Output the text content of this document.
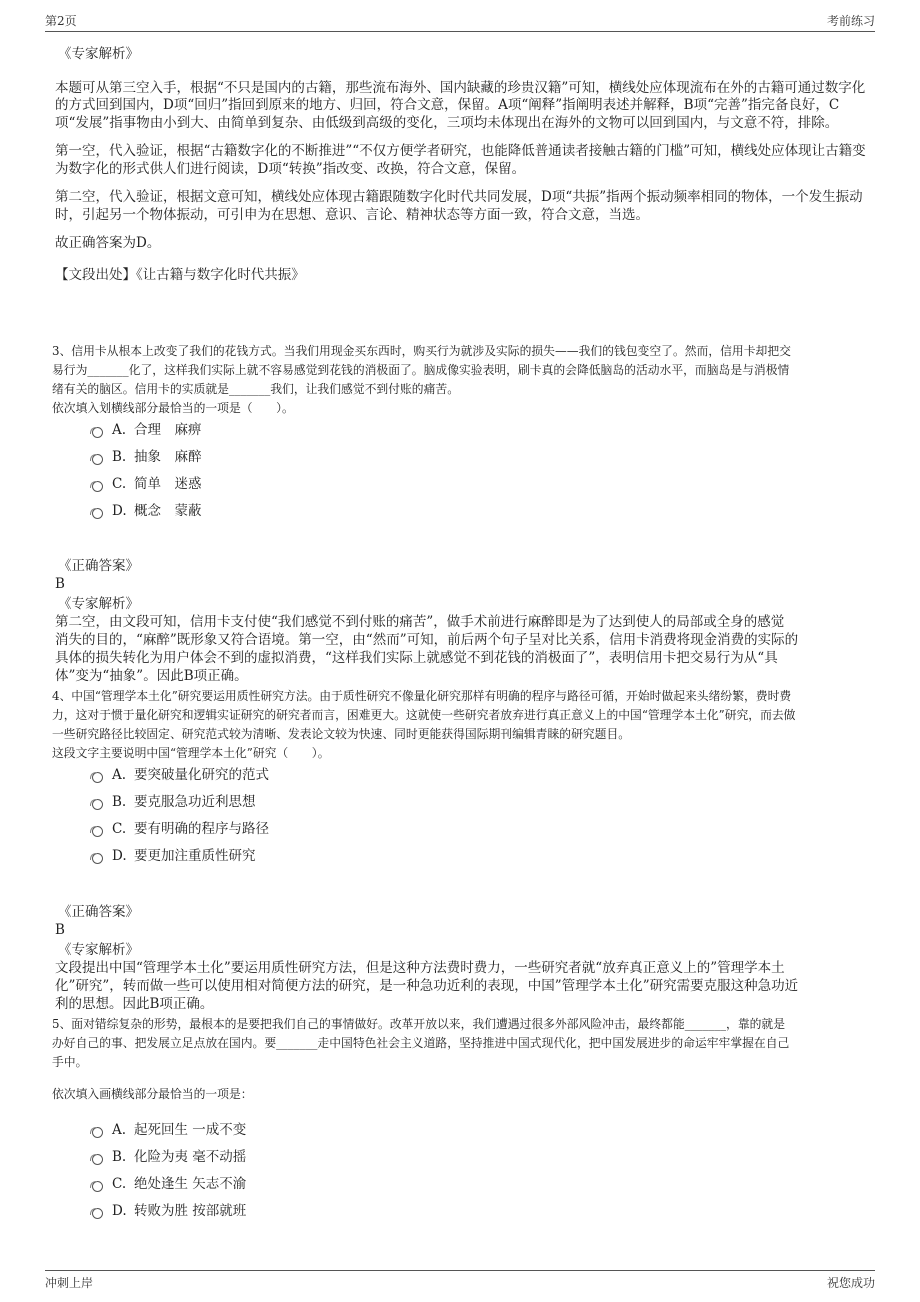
第2页	考前练习

《专家解析》

本题可从第三空入手，根据“不只是国内的古籍，那些流布海外、国内缺藏的珍贵汉籍”可知，横线处应体现流布在外的古籍可通过数字化的方式回到国内，D项“回归”指回到原来的地方、归回，符合文意，保留。A项“阐释”指阐明表述并解释，B项“完善”指完备良好，C项“发展”指事物由小到大、由简单到复杂、由低级到高级的变化，三项均未体现出在海外的文物可以回到国内，与文意不符，排除。

第一空，代入验证，根据“古籍数字化的不断推进”“不仅方便学者研究，也能降低普通读者接触古籍的门槛”可知，横线处应体现让古籍变为数字化的形式供人们进行阅读，D项“转换”指改变、改换，符合文意，保留。

第二空，代入验证，根据文意可知，横线处应体现古籍跟随数字化时代共同发展，D项“共振”指两个振动频率相同的物体，一个发生振动时，引起另一个物体振动，可引申为在思想、意识、言论、精神状态等方面一致，符合文意，当选。

故正确答案为D。

【文段出处】《让古籍与数字化时代共振》

3、信用卡从根本上改变了我们的花钱方式。当我们用现金买东西时，购买行为就涉及实际的损失——我们的钱包变空了。然而，信用卡却把交

易行为_______化了，这样我们实际上就不容易感觉到花钱的消极面了。脑成像实验表明，刷卡真的会降低脑岛的活动水平，而脑岛是与消极情

绪有关的脑区。信用卡的实质就是_______我们，让我们感觉不到付账的痛苦。

依次填入划横线部分最恰当的一项是（　　）。

A. 合理　麻痹
B. 抽象　麻醉
C. 简单　迷惑
D. 概念　蒙蔽

《正确答案》

B

《专家解析》

第二空，由文段可知，信用卡支付使“我们感觉不到付账的痛苦”，做手术前进行麻醉即是为了达到使人的局部或全身的感觉

消失的目的，“麻醉”既形象又符合语境。第一空，由“然而”可知，前后两个句子呈对比关系，信用卡消费将现金消费的实际的

具体的损失转化为用户体会不到的虚拟消费，“这样我们实际上就感觉不到花钱的消极面了”，表明信用卡把交易行为从“具

体”变为“抽象”。因此B项正确。

4、中国“管理学本土化”研究要运用质性研究方法。由于质性研究不像量化研究那样有明确的程序与路径可循，开始时做起来头绪纷繁，费时费

力，这对于惯于量化研究和逻辑实证研究的研究者而言，困难更大。这就使一些研究者放弃进行真正意义上的中国“管理学本土化”研究，而去做

一些研究路径比较固定、研究范式较为清晰、发表论文较为快速、同时更能获得国际期刊编辑青睐的研究题目。

这段文字主要说明中国“管理学本土化”研究（　　）。

A. 要突破量化研究的范式
B. 要克服急功近利思想
C. 要有明确的程序与路径
D. 要更加注重质性研究

《正确答案》

B

《专家解析》

文段提出中国“管理学本土化”要运用质性研究方法，但是这种方法费时费力，一些研究者就“放弃真正意义上的”管理学本土

化”研究”，转而做一些可以使用相对简便方法的研究，是一种急功近利的表现，中国”管理学本土化”研究需要克服这种急功近

利的思想。因此B项正确。

5、面对错综复杂的形势，最根本的是要把我们自己的事情做好。改革开放以来，我们遭遇过很多外部风险冲击，最终都能_______，靠的就是

办好自己的事、把发展立足点放在国内。要_______走中国特色社会主义道路，坚持推进中国式现代化，把中国发展进步的命运牢牢掌握在自己

手中。

依次填入画横线部分最恰当的一项是：

A. 起死回生 一成不变
B. 化险为夷 毫不动摇
C. 绝处逢生 矢志不渝
D. 转败为胜 按部就班
冲刺上岸	祝您成功
